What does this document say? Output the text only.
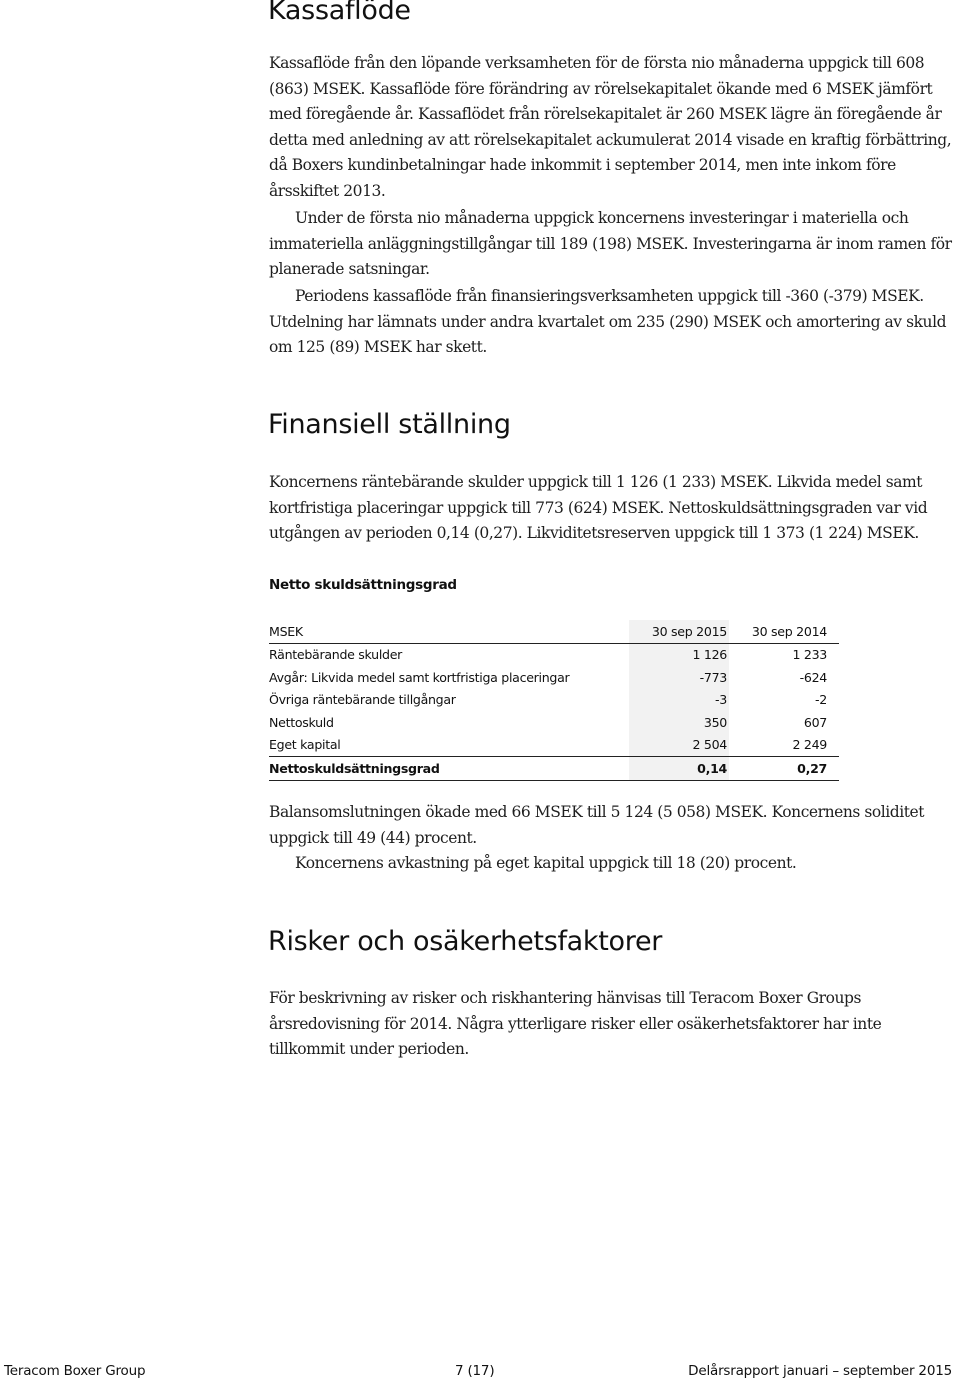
Kassaflöde

Kassaflöde från den löpande verksamheten för de första nio månaderna uppgick till 608 (863) MSEK. Kassaflöde före förändring av rörelsekapitalet ökande med 6 MSEK jämfört med föregående år. Kassaflödet från rörelsekapitalet är 260 MSEK lägre än föregående år detta med anledning av att rörelsekapitalet ackumulerat 2014 visade en kraftig förbättring, då Boxers kundinbetalningar hade inkommit i september 2014, men inte inkom före årsskiftet 2013.

Under de första nio månaderna uppgick koncernens investeringar i materiella och immateriella anläggningstillgångar till 189 (198) MSEK. Investeringarna är inom ramen för planerade satsningar.

Periodens kassaflöde från finansieringsverksamheten uppgick till -360 (-379) MSEK. Utdelning har lämnats under andra kvartalet om 235 (290) MSEK och amortering av skuld om 125 (89) MSEK har skett.

Finansiell ställning

Koncernens räntebärande skulder uppgick till 1 126 (1 233) MSEK. Likvida medel samt kortfristiga placeringar uppgick till 773 (624) MSEK. Nettoskuldsättningsgraden var vid utgången av perioden 0,14 (0,27). Likviditetsreserven uppgick till 1 373 (1 224) MSEK.

Netto skuldsättningsgrad

MSEK	30 sep 2015	30 sep 2014
Räntebärande skulder	1 126	1 233
Avgår: Likvida medel samt kortfristiga placeringar	-773	-624
Övriga räntebärande tillgångar	-3	-2
Nettoskuld	350	607
Eget kapital	2 504	2 249
Nettoskuldsättningsgrad	0,14	0,27

Balansomslutningen ökade med 66 MSEK till 5 124 (5 058) MSEK. Koncernens soliditet uppgick till 49 (44) procent.

Koncernens avkastning på eget kapital uppgick till 18 (20) procent.

Risker och osäkerhetsfaktorer

För beskrivning av risker och riskhantering hänvisas till Teracom Boxer Groups årsredovisning för 2014. Några ytterligare risker eller osäkerhetsfaktorer har inte tillkommit under perioden.

Teracom Boxer Group	7 (17)	Delårsrapport januari – september 2015
